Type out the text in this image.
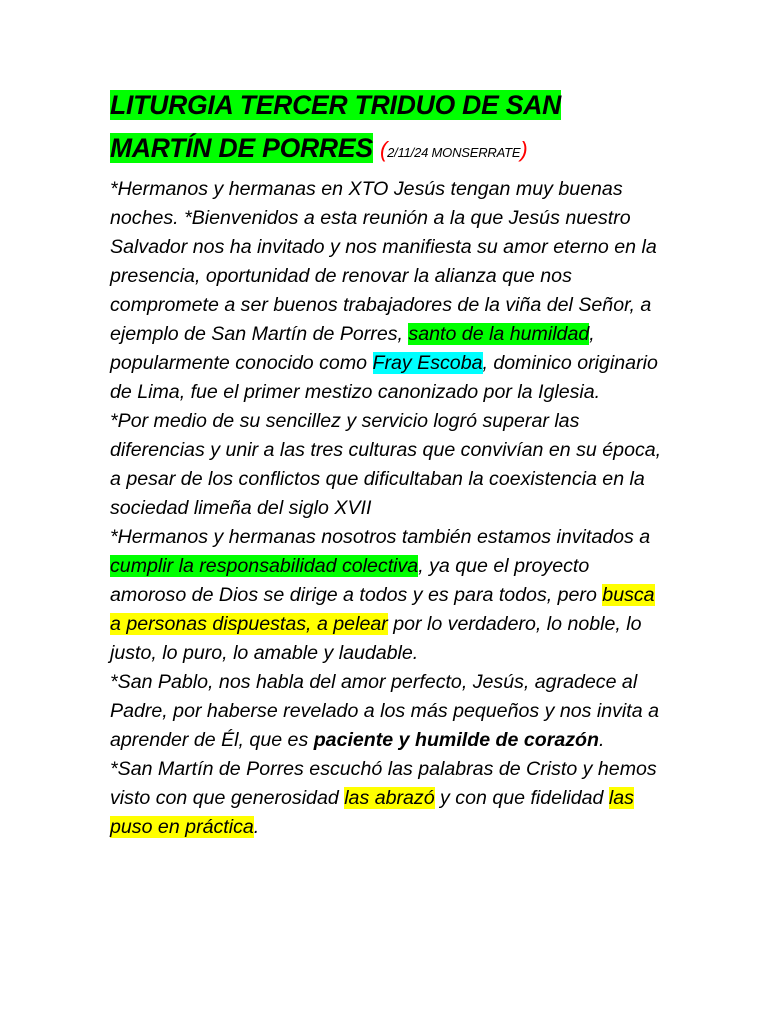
LITURGIA TERCER TRIDUO DE SAN
MARTÍN DE PORRES (2/11/24 MONSERRATE)

*Hermanos y hermanas en XTO Jesús tengan muy buenas noches. *Bienvenidos a esta reunión a la que Jesús nuestro Salvador nos ha invitado y nos manifiesta su amor eterno en la presencia, oportunidad de renovar la alianza que nos compromete a ser buenos trabajadores de la viña del Señor, a ejemplo de San Martín de Porres, santo de la humildad, popularmente conocido como Fray Escoba, dominico originario de Lima, fue el primer mestizo canonizado por la Iglesia.

*Por medio de su sencillez y servicio logró superar las diferencias y unir a las tres culturas que convivían en su época, a pesar de los conflictos que dificultaban la coexistencia en la sociedad limeña del siglo XVII

*Hermanos y hermanas nosotros también estamos invitados a cumplir la responsabilidad colectiva, ya que el proyecto amoroso de Dios se dirige a todos y es para todos, pero busca a personas dispuestas, a pelear por lo verdadero, lo noble, lo justo, lo puro, lo amable y laudable.

*San Pablo, nos habla del amor perfecto, Jesús, agradece al Padre, por haberse revelado a los más pequeños y nos invita a aprender de Él, que es paciente y humilde de corazón.

*San Martín de Porres escuchó las palabras de Cristo y hemos visto con que generosidad las abrazó y con que fidelidad las puso en práctica.
